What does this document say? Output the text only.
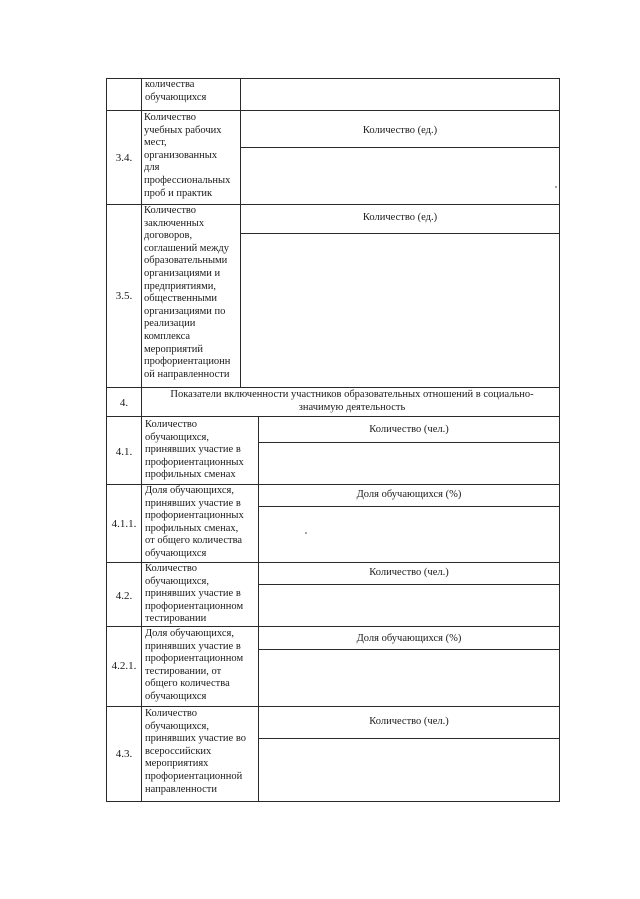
количества
обучающихся

3.4.

Количество
учебных рабочих
мест,
организованных
для
профессиональных
проб и практик

Количество (ед.)
3.5.

Количество
заключенных
договоров,
соглашений между
образовательными
организациями и
предприятиями,
общественными
организациями по
реализации
комплекса
мероприятий
профориентационн
ой направленности

Количество (ед.)
4.
Показатели включенности участников образовательных отношений в социально-
значимую деятельность
4.1.

Количество
обучающихся,
принявших участие в
профориентационных
профильных сменах

Количество (чел.)
4.1.1.

Доля обучающихся,
принявших участие в
профориентационных
профильных сменах,
от общего количества
обучающихся

Доля обучающихся (%)
4.2.

Количество
обучающихся,
принявших участие в
профориентационном
тестировании

Количество (чел.)
4.2.1.

Доля обучающихся,
принявших участие в
профориентационном
тестировании, от
общего количества
обучающихся

Доля обучающихся (%)
4.3.

Количество
обучающихся,
принявших участие во
всероссийских
мероприятиях
профориентационной
направленности

Количество (чел.)
